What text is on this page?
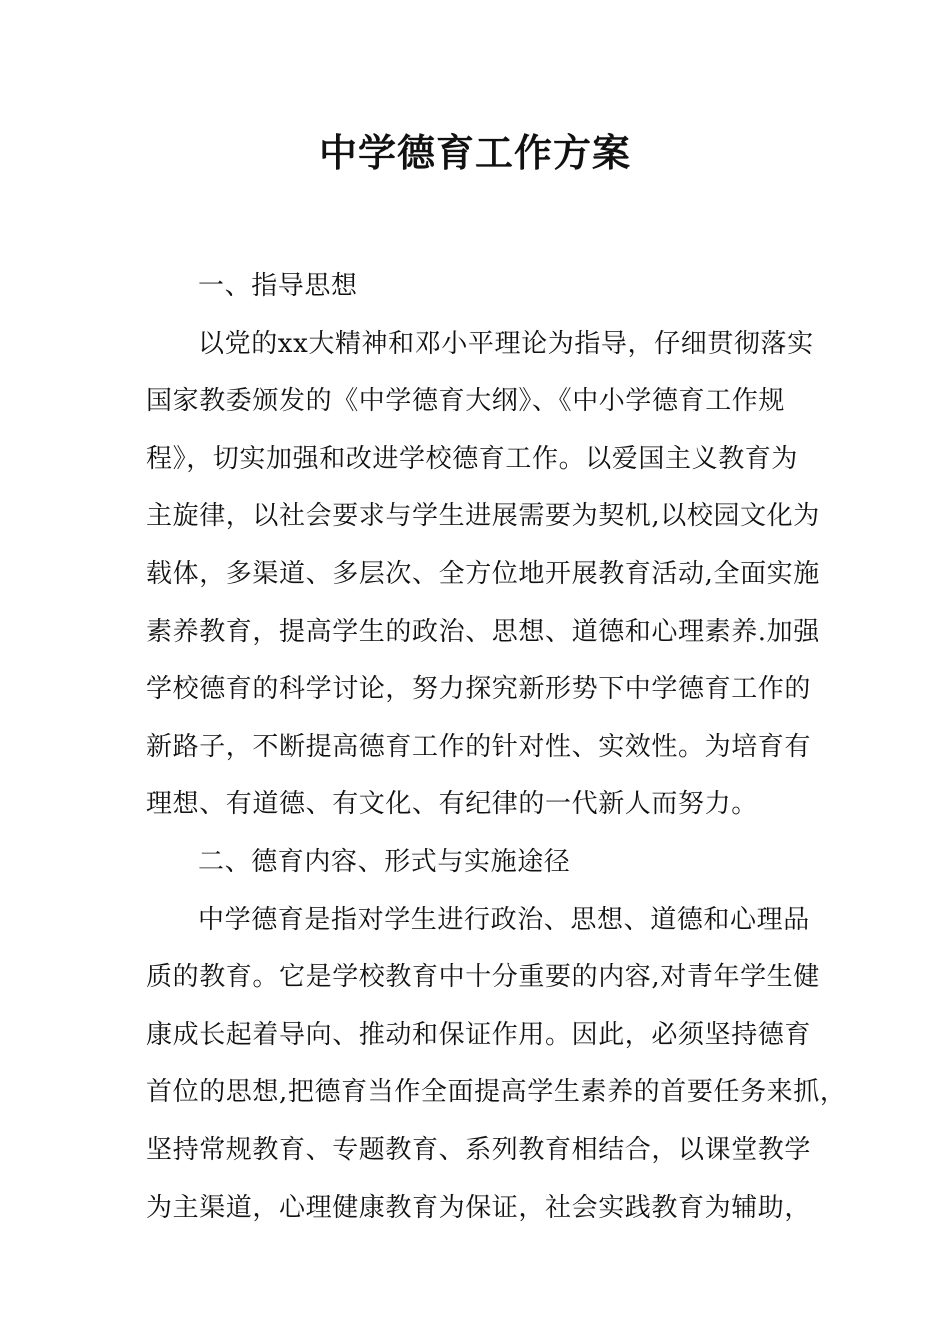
中学德育工作方案
一、指导思想
以党的xx大精神和邓小平理论为指导，仔细贯彻落实
国家教委颁发的《中学德育大纲》、《中小学德育工作规
程》，切实加强和改进学校德育工作。以爱国主义教育为
主旋律，以社会要求与学生进展需要为契机,以校园文化为
载体，多渠道、多层次、全方位地开展教育活动,全面实施
素养教育，提高学生的政治、思想、道德和心理素养.加强
学校德育的科学讨论，努力探究新形势下中学德育工作的
新路子，不断提高德育工作的针对性、实效性。为培育有
理想、有道德、有文化、有纪律的一代新人而努力。
二、德育内容、形式与实施途径
中学德育是指对学生进行政治、思想、道德和心理品
质的教育。它是学校教育中十分重要的内容,对青年学生健
康成长起着导向、推动和保证作用。因此，必须坚持德育
首位的思想,把德育当作全面提高学生素养的首要任务来抓，
坚持常规教育、专题教育、系列教育相结合，以课堂教学
为主渠道，心理健康教育为保证，社会实践教育为辅助，
